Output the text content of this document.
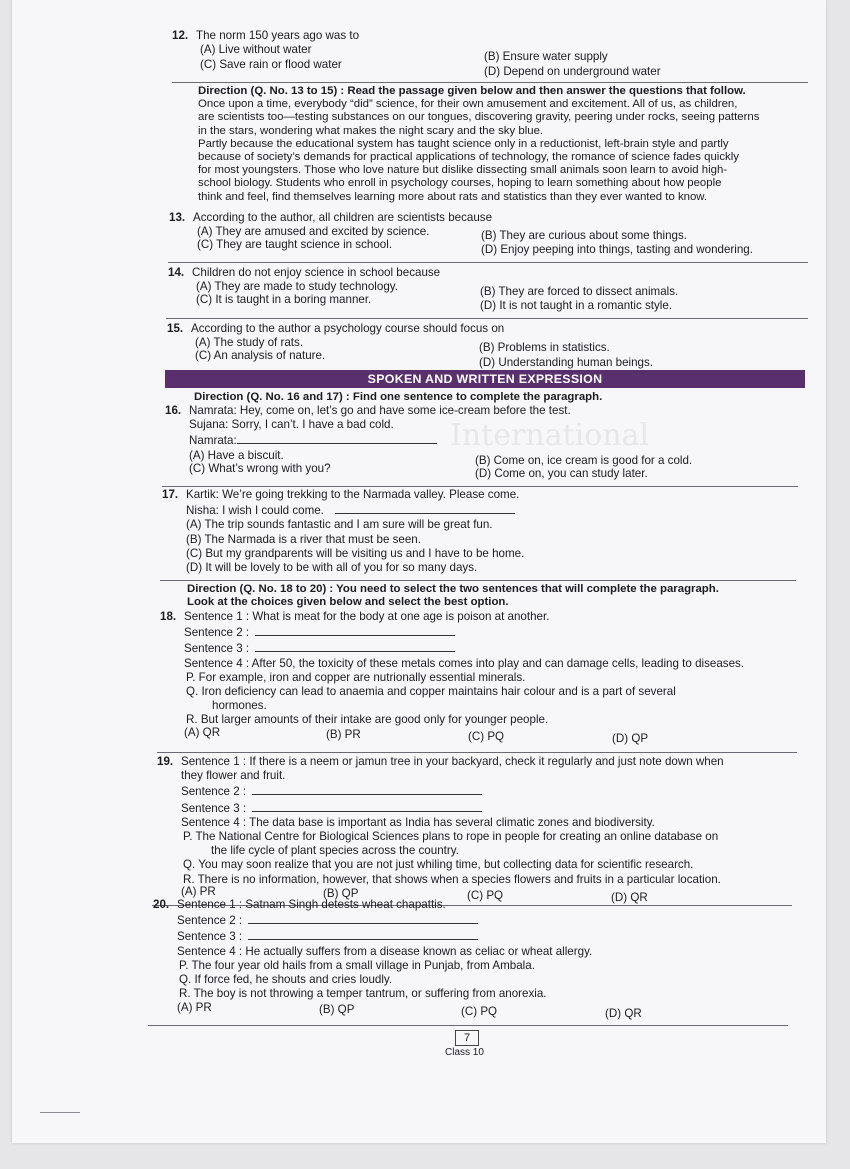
International
12. The norm 150 years ago was to
(A) Live without water
(B) Ensure water supply
(C) Save rain or flood water
(D) Depend on underground water
Direction (Q. No. 13 to 15) : Read the passage given below and then answer the questions that follow.
Once upon a time, everybody “did” science, for their own amusement and excitement. All of us, as children,
are scientists too—testing substances on our tongues, discovering gravity, peering under rocks, seeing patterns
in the stars, wondering what makes the night scary and the sky blue.
Partly because the educational system has taught science only in a reductionist, left-brain style and partly
because of society’s demands for practical applications of technology, the romance of science fades quickly
for most youngsters. Those who love nature but dislike dissecting small animals soon learn to avoid high-
school biology. Students who enroll in psychology courses, hoping to learn something about how people
think and feel, find themselves learning more about rats and statistics than they ever wanted to know.
13. According to the author, all children are scientists because
(A) They are amused and excited by science.	(B) They are curious about some things.
(C) They are taught science in school.	(D) Enjoy peeping into things, tasting and wondering.
14. Children do not enjoy science in school because
(A) They are made to study technology.	(B) They are forced to dissect animals.
(C) It is taught in a boring manner.	(D) It is not taught in a romantic style.
15. According to the author a psychology course should focus on
(A) The study of rats.	(B) Problems in statistics.
(C) An analysis of nature.
(D) Understanding human beings.
SPOKEN AND WRITTEN EXPRESSION
Direction (Q. No. 16 and 17) : Find one sentence to complete the paragraph.
16. Namrata: Hey, come on, let’s go and have some ice-cream before the test.
Sujana: Sorry, I can’t. I have a bad cold.
Namrata:
(A) Have a biscuit.	(B) Come on, ice cream is good for a cold.
(C) What’s wrong with you?	(D) Come on, you can study later.
17. Kartik: We’re going trekking to the Narmada valley. Please come.
Nisha: I wish I could come.
(A) The trip sounds fantastic and I am sure will be great fun.
(B) The Narmada is a river that must be seen.
(C) But my grandparents will be visiting us and I have to be home.
(D) It will be lovely to be with all of you for so many days.
Direction (Q. No. 18 to 20) : You need to select the two sentences that will complete the paragraph.
Look at the choices given below and select the best option.
18. Sentence 1 : What is meat for the body at one age is poison at another.
Sentence 2 :
Sentence 3 :
Sentence 4 : After 50, the toxicity of these metals comes into play and can damage cells, leading to diseases.
P. For example, iron and copper are nutrionally essential minerals.
Q. Iron deficiency can lead to anaemia and copper maintains hair colour and is a part of several
hormones.
R. But larger amounts of their intake are good only for younger people.
(A) QR	(B) PR	(C) PQ	(D) QP
19. Sentence 1 : If there is a neem or jamun tree in your backyard, check it regularly and just note down when
they flower and fruit.
Sentence 2 :
Sentence 3 :
Sentence 4 : The data base is important as India has several climatic zones and biodiversity.
P. The National Centre for Biological Sciences plans to rope in people for creating an online database on
the life cycle of plant species across the country.
Q. You may soon realize that you are not just whiling time, but collecting data for scientific research.
R. There is no information, however, that shows when a species flowers and fruits in a particular location.
(A) PR	(B) QP	(C) PQ	(D) QR
20. Sentence 1 : Satnam Singh detests wheat chapattis.
Sentence 2 :
Sentence 3 :
Sentence 4 : He actually suffers from a disease known as celiac or wheat allergy.
P. The four year old hails from a small village in Punjab, from Ambala.
Q. If force fed, he shouts and cries loudly.
R. The boy is not throwing a temper tantrum, or suffering from anorexia.
(A) PR	(B) QP	(C) PQ	(D) QR
7
Class 10
